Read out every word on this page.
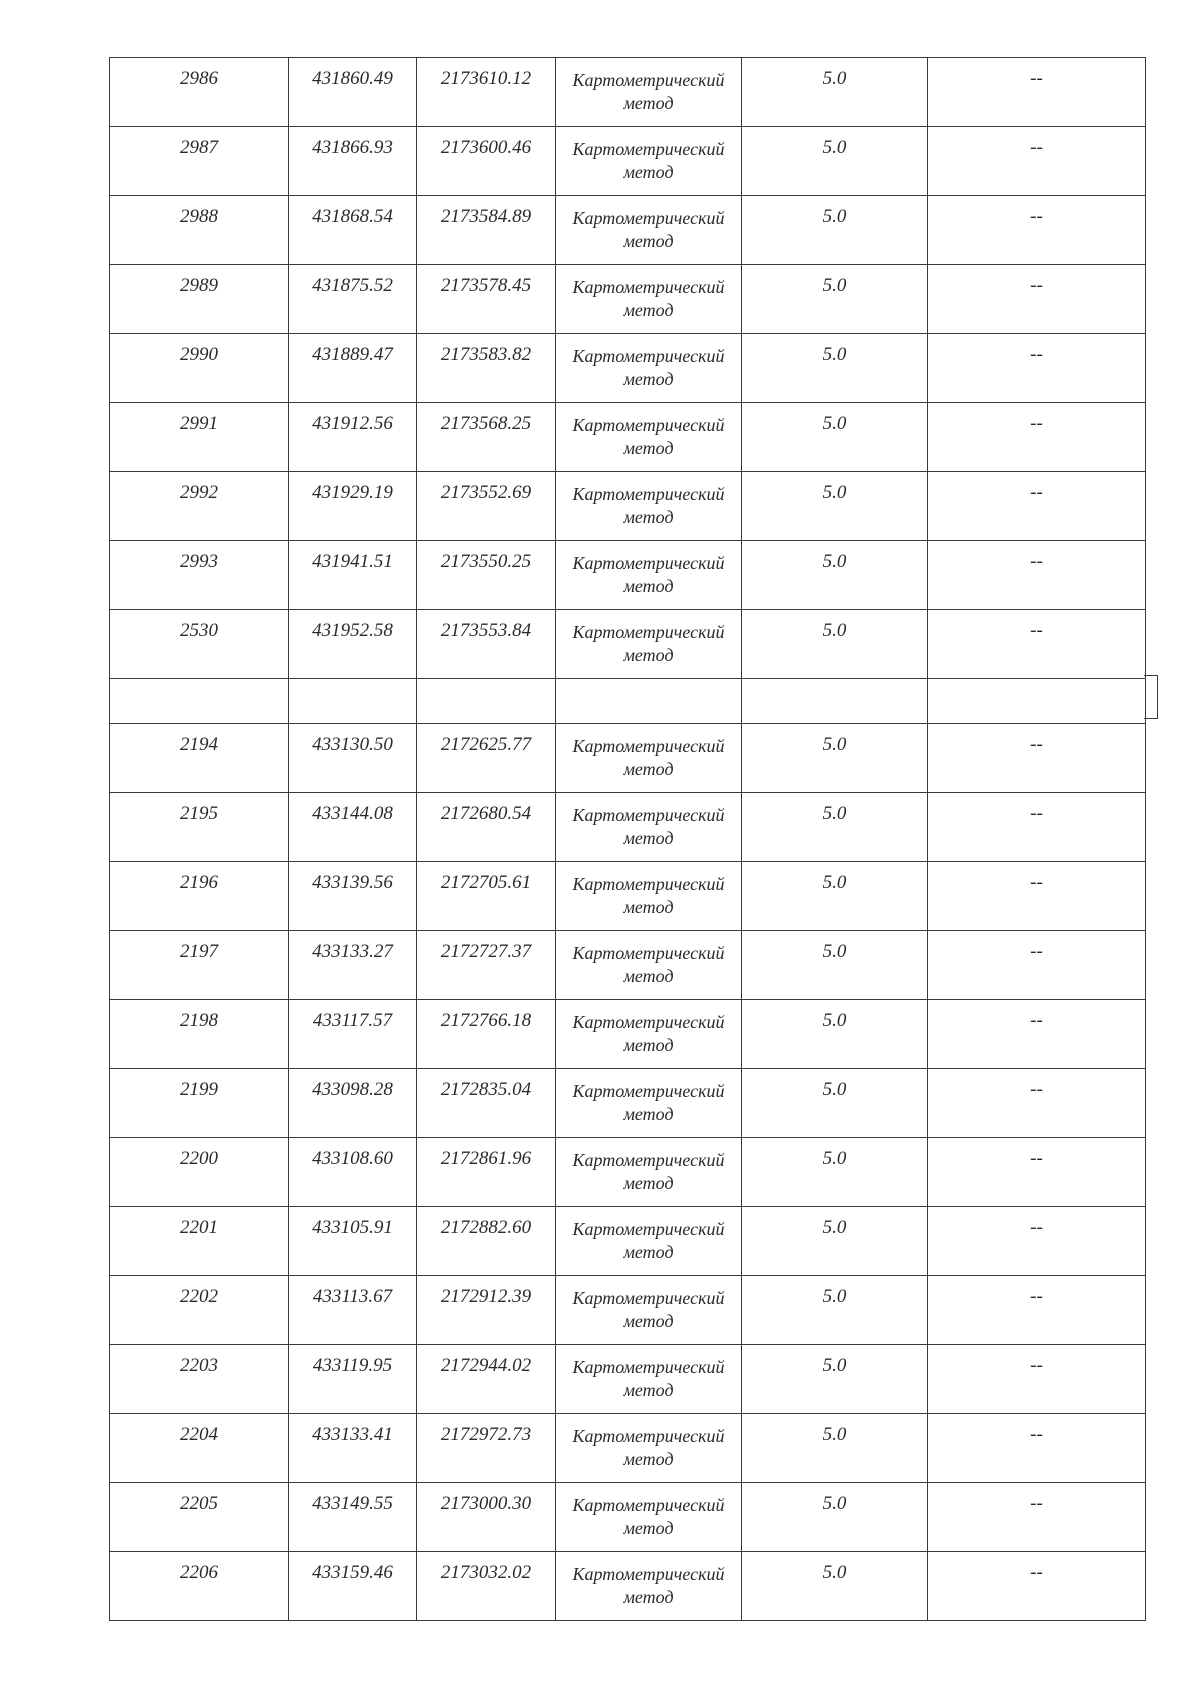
2986	431860.49	2173610.12	Картометрический
метод	5.0	--

2987	431866.93	2173600.46	Картометрический
метод	5.0	--

2988	431868.54	2173584.89	Картометрический
метод	5.0	--

2989	431875.52	2173578.45	Картометрический
метод	5.0	--

2990	431889.47	2173583.82	Картометрический
метод	5.0	--

2991	431912.56	2173568.25	Картометрический
метод	5.0	--

2992	431929.19	2173552.69	Картометрический
метод	5.0	--

2993	431941.51	2173550.25	Картометрический
метод	5.0	--

2530	431952.58	2173553.84	Картометрический
метод	5.0	--

2194	433130.50	2172625.77	Картометрический
метод	5.0	--

2195	433144.08	2172680.54	Картометрический
метод	5.0	--

2196	433139.56	2172705.61	Картометрический
метод	5.0	--

2197	433133.27	2172727.37	Картометрический
метод	5.0	--

2198	433117.57	2172766.18	Картометрический
метод	5.0	--

2199	433098.28	2172835.04	Картометрический
метод	5.0	--

2200	433108.60	2172861.96	Картометрический
метод	5.0	--

2201	433105.91	2172882.60	Картометрический
метод	5.0	--

2202	433113.67	2172912.39	Картометрический
метод	5.0	--

2203	433119.95	2172944.02	Картометрический
метод	5.0	--

2204	433133.41	2172972.73	Картометрический
метод	5.0	--

2205	433149.55	2173000.30	Картометрический
метод	5.0	--

2206	433159.46	2173032.02	Картометрический
метод	5.0	--
